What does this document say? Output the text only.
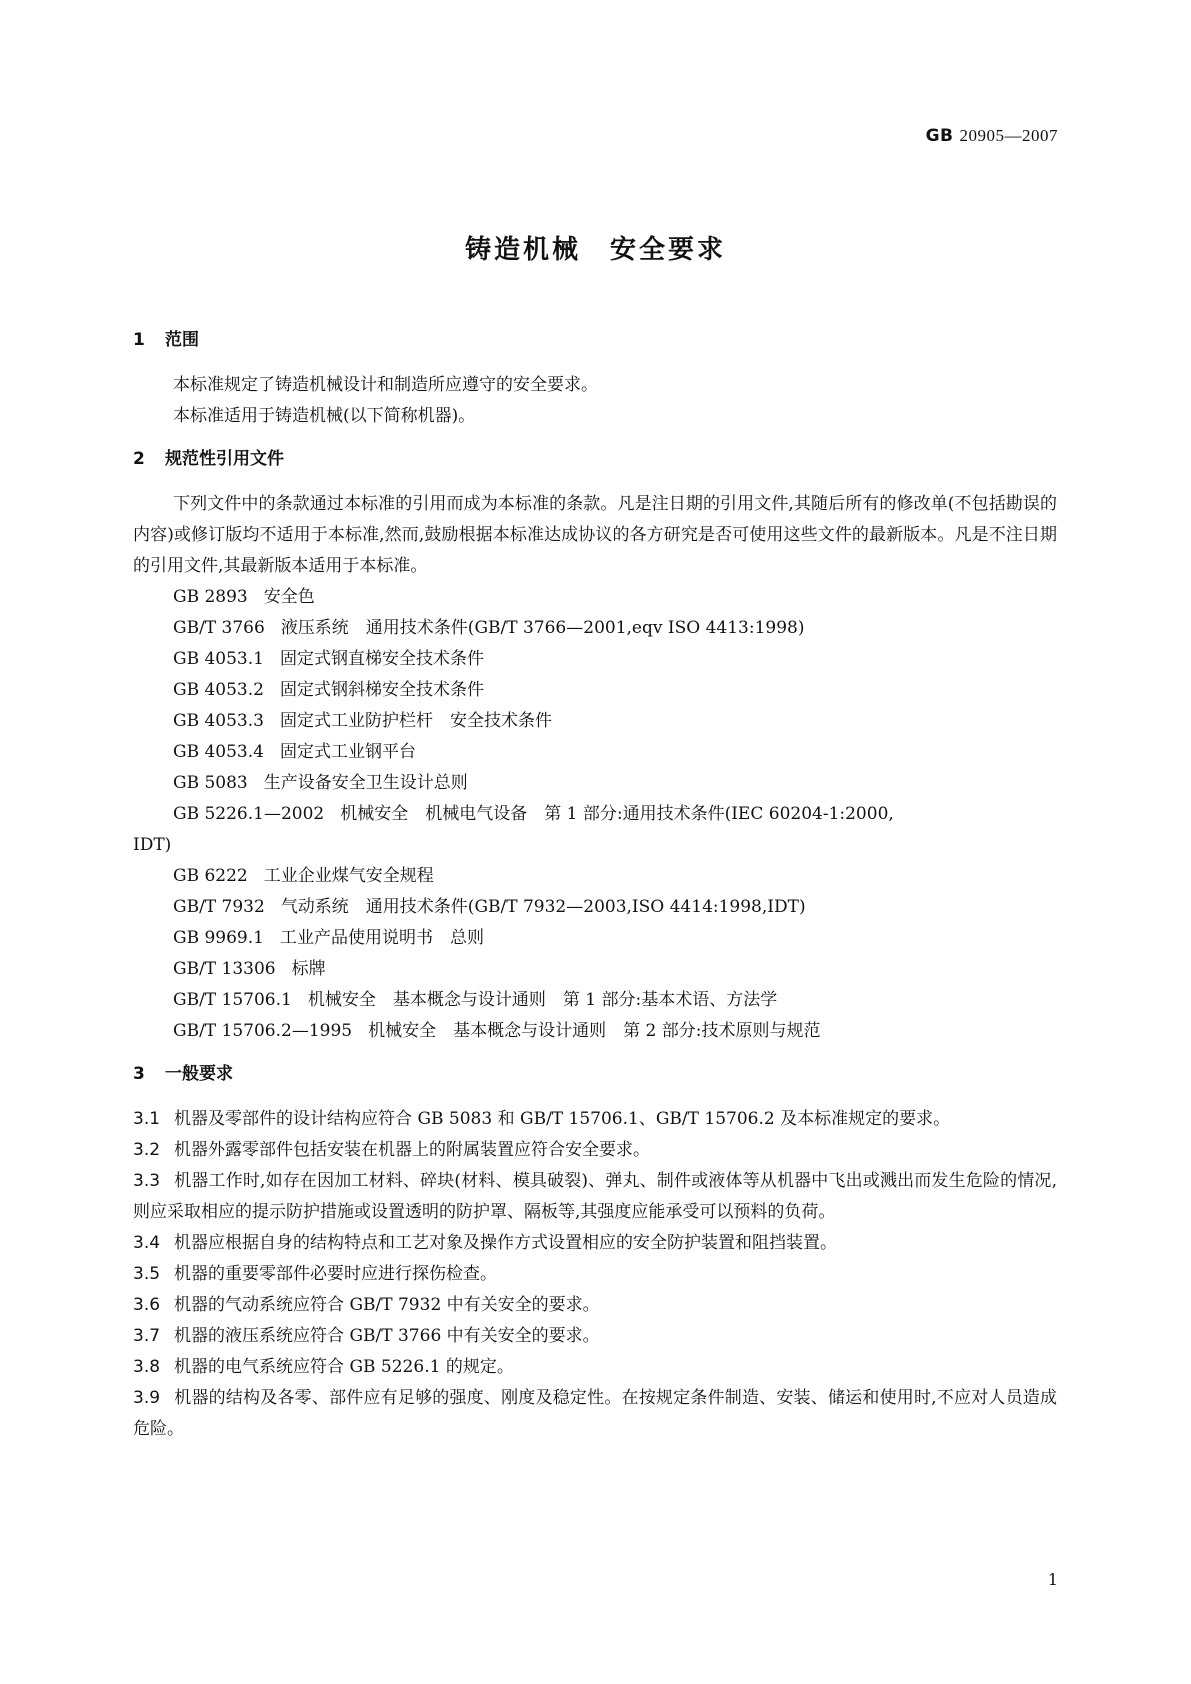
GB 20905—2007
铸造机械　安全要求
1 范围

本标准规定了铸造机械设计和制造所应遵守的安全要求。

本标准适用于铸造机械(以下简称机器)。

2 规范性引用文件

下列文件中的条款通过本标准的引用而成为本标准的条款。凡是注日期的引用文件,其随后所有的修改单(不包括勘误的内容)或修订版均不适用于本标准,然而,鼓励根据本标准达成协议的各方研究是否可使用这些文件的最新版本。凡是不注日期的引用文件,其最新版本适用于本标准。

GB 2893 安全色

GB/T 3766 液压系统　通用技术条件(GB/T 3766—2001,eqv ISO 4413:1998)

GB 4053.1 固定式钢直梯安全技术条件

GB 4053.2 固定式钢斜梯安全技术条件

GB 4053.3 固定式工业防护栏杆　安全技术条件

GB 4053.4 固定式工业钢平台

GB 5083 生产设备安全卫生设计总则

GB 5226.1—2002 机械安全　机械电气设备　第 1 部分:通用技术条件(IEC 60204-1:2000,

IDT)

GB 6222 工业企业煤气安全规程

GB/T 7932 气动系统　通用技术条件(GB/T 7932—2003,ISO 4414:1998,IDT)

GB 9969.1 工业产品使用说明书　总则

GB/T 13306 标牌

GB/T 15706.1 机械安全　基本概念与设计通则　第 1 部分:基本术语、方法学

GB/T 15706.2—1995 机械安全　基本概念与设计通则　第 2 部分:技术原则与规范

3 一般要求

3.1 机器及零部件的设计结构应符合 GB 5083 和 GB/T 15706.1、GB/T 15706.2 及本标准规定的要求。

3.2 机器外露零部件包括安装在机器上的附属装置应符合安全要求。

3.3 机器工作时,如存在因加工材料、碎块(材料、模具破裂)、弹丸、制件或液体等从机器中飞出或溅出而发生危险的情况,则应采取相应的提示防护措施或设置透明的防护罩、隔板等,其强度应能承受可以预料的负荷。

3.4 机器应根据自身的结构特点和工艺对象及操作方式设置相应的安全防护装置和阻挡装置。

3.5 机器的重要零部件必要时应进行探伤检查。

3.6 机器的气动系统应符合 GB/T 7932 中有关安全的要求。

3.7 机器的液压系统应符合 GB/T 3766 中有关安全的要求。

3.8 机器的电气系统应符合 GB 5226.1 的规定。

3.9 机器的结构及各零、部件应有足够的强度、刚度及稳定性。在按规定条件制造、安装、储运和使用时,不应对人员造成危险。

1
